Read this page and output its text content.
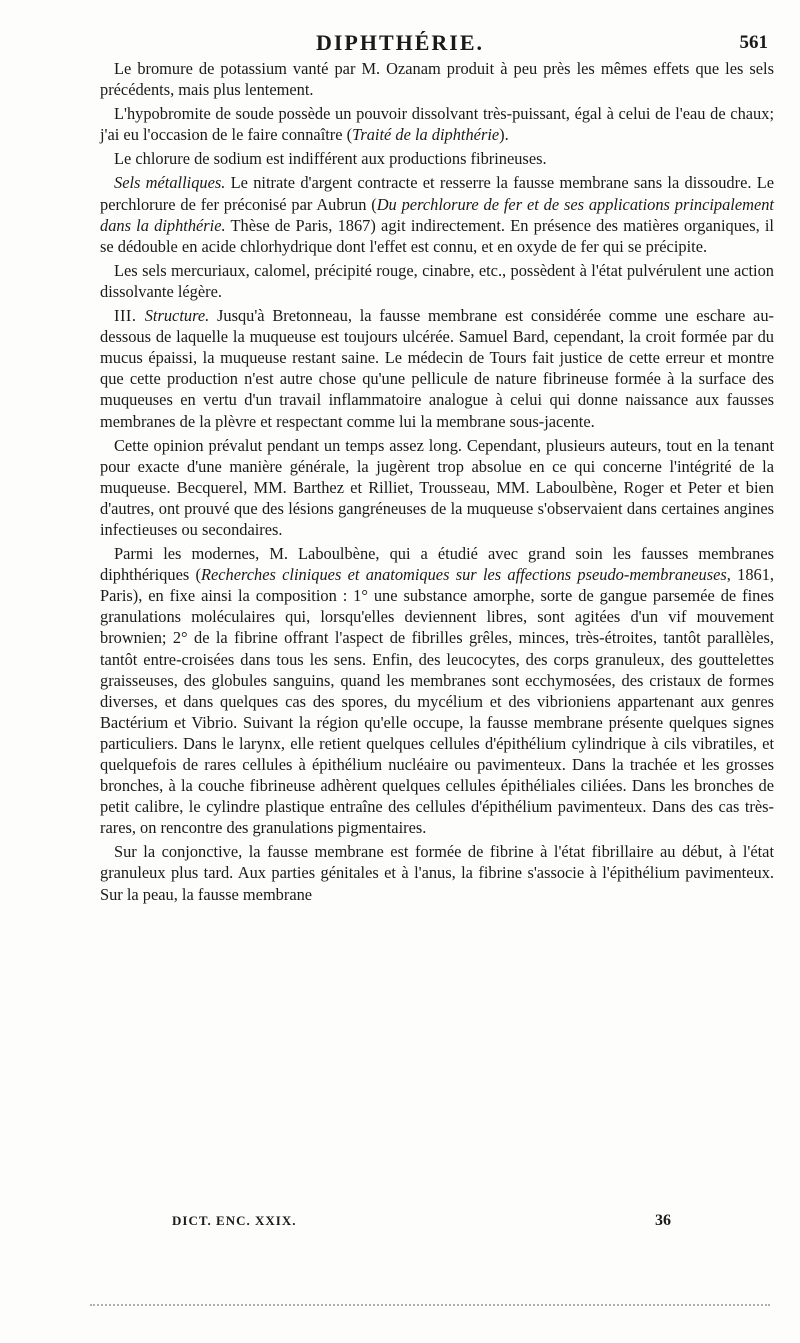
DIPHTHÉRIE.	561

Le bromure de potassium vanté par M. Ozanam produit à peu près les mêmes effets que les sels précédents, mais plus lentement.

L'hypobromite de soude possède un pouvoir dissolvant très-puissant, égal à celui de l'eau de chaux; j'ai eu l'occasion de le faire connaître (Traité de la diphthérie).

Le chlorure de sodium est indifférent aux productions fibrineuses.

Sels métalliques. Le nitrate d'argent contracte et resserre la fausse membrane sans la dissoudre. Le perchlorure de fer préconisé par Aubrun (Du perchlorure de fer et de ses applications principalement dans la diphthérie. Thèse de Paris, 1867) agit indirectement. En présence des matières organiques, il se dédouble en acide chlorhydrique dont l'effet est connu, et en oxyde de fer qui se précipite.

Les sels mercuriaux, calomel, précipité rouge, cinabre, etc., possèdent à l'état pulvérulent une action dissolvante légère.

III. Structure. Jusqu'à Bretonneau, la fausse membrane est considérée comme une eschare au-dessous de laquelle la muqueuse est toujours ulcérée. Samuel Bard, cependant, la croit formée par du mucus épaissi, la muqueuse restant saine. Le médecin de Tours fait justice de cette erreur et montre que cette production n'est autre chose qu'une pellicule de nature fibrineuse formée à la surface des muqueuses en vertu d'un travail inflammatoire analogue à celui qui donne naissance aux fausses membranes de la plèvre et respectant comme lui la membrane sous-jacente.

Cette opinion prévalut pendant un temps assez long. Cependant, plusieurs auteurs, tout en la tenant pour exacte d'une manière générale, la jugèrent trop absolue en ce qui concerne l'intégrité de la muqueuse. Becquerel, MM. Barthez et Rilliet, Trousseau, MM. Laboulbène, Roger et Peter et bien d'autres, ont prouvé que des lésions gangréneuses de la muqueuse s'observaient dans certaines angines infectieuses ou secondaires.

Parmi les modernes, M. Laboulbène, qui a étudié avec grand soin les fausses membranes diphthériques (Recherches cliniques et anatomiques sur les affections pseudo-membraneuses, 1861, Paris), en fixe ainsi la composition : 1° une substance amorphe, sorte de gangue parsemée de fines granulations moléculaires qui, lorsqu'elles deviennent libres, sont agitées d'un vif mouvement brownien; 2° de la fibrine offrant l'aspect de fibrilles grêles, minces, très-étroites, tantôt parallèles, tantôt entre-croisées dans tous les sens. Enfin, des leucocytes, des corps granuleux, des gouttelettes graisseuses, des globules sanguins, quand les membranes sont ecchymosées, des cristaux de formes diverses, et dans quelques cas des spores, du mycélium et des vibrioniens appartenant aux genres Bactérium et Vibrio. Suivant la région qu'elle occupe, la fausse membrane présente quelques signes particuliers. Dans le larynx, elle retient quelques cellules d'épithélium cylindrique à cils vibratiles, et quelquefois de rares cellules à épithélium nucléaire ou pavimenteux. Dans la trachée et les grosses bronches, à la couche fibrineuse adhèrent quelques cellules épithéliales ciliées. Dans les bronches de petit calibre, le cylindre plastique entraîne des cellules d'épithélium pavimenteux. Dans des cas très-rares, on rencontre des granulations pigmentaires.

Sur la conjonctive, la fausse membrane est formée de fibrine à l'état fibrillaire au début, à l'état granuleux plus tard. Aux parties génitales et à l'anus, la fibrine s'associe à l'épithélium pavimenteux. Sur la peau, la fausse membrane

DICT. ENC. XXIX.	36
